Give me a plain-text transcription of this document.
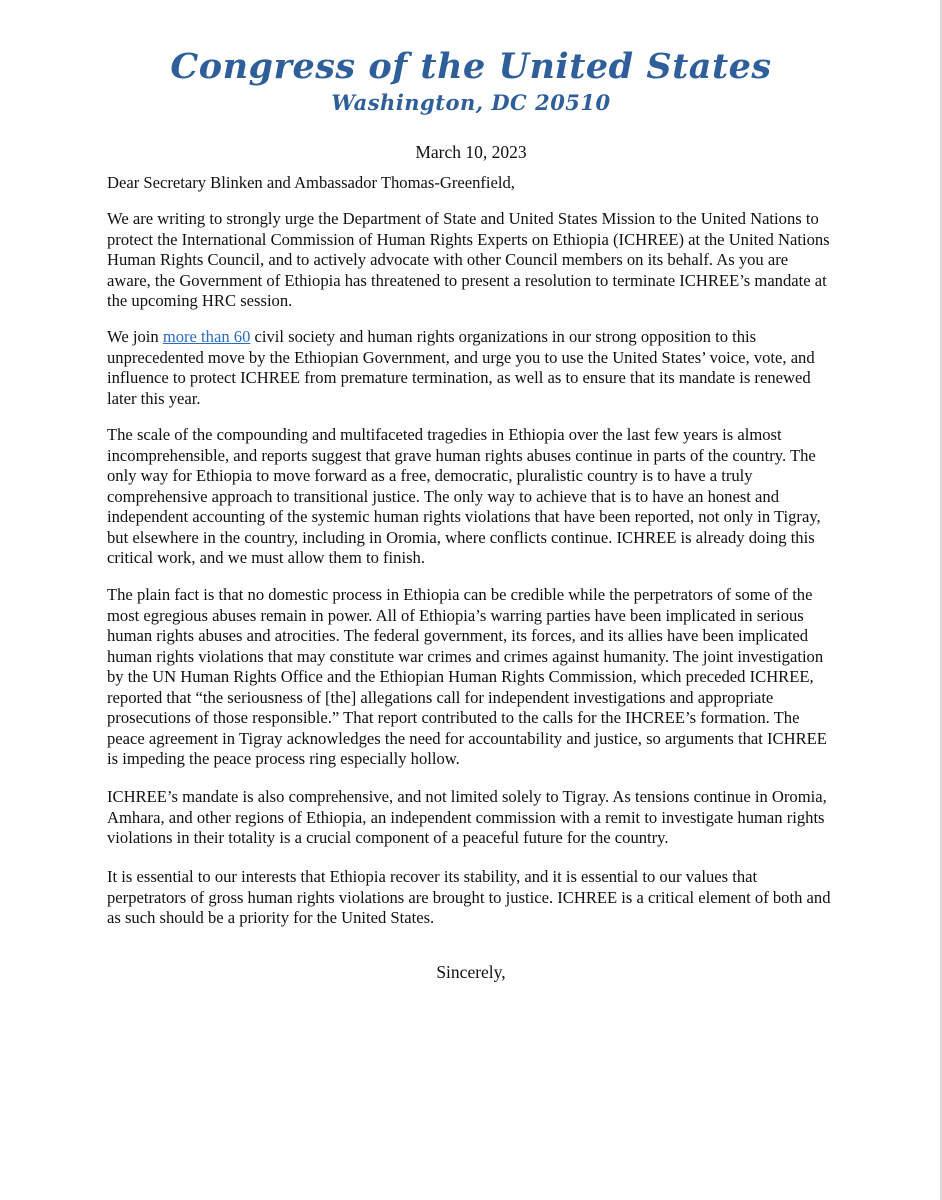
Congress of the United States
Washington, DC 20510
March 10, 2023

Dear Secretary Blinken and Ambassador Thomas-Greenfield,

We are writing to strongly urge the Department of State and United States Mission to the United Nations to protect the International Commission of Human Rights Experts on Ethiopia (ICHREE) at the United Nations Human Rights Council, and to actively advocate with other Council members on its behalf. As you are aware, the Government of Ethiopia has threatened to present a resolution to terminate ICHREE’s mandate at the upcoming HRC session.

We join more than 60 civil society and human rights organizations in our strong opposition to this unprecedented move by the Ethiopian Government, and urge you to use the United States’ voice, vote, and influence to protect ICHREE from premature termination, as well as to ensure that its mandate is renewed later this year.

The scale of the compounding and multifaceted tragedies in Ethiopia over the last few years is almost incomprehensible, and reports suggest that grave human rights abuses continue in parts of the country. The only way for Ethiopia to move forward as a free, democratic, pluralistic country is to have a truly comprehensive approach to transitional justice. The only way to achieve that is to have an honest and independent accounting of the systemic human rights violations that have been reported, not only in Tigray, but elsewhere in the country, including in Oromia, where conflicts continue. ICHREE is already doing this critical work, and we must allow them to finish.

The plain fact is that no domestic process in Ethiopia can be credible while the perpetrators of some of the most egregious abuses remain in power. All of Ethiopia’s warring parties have been implicated in serious human rights abuses and atrocities. The federal government, its forces, and its allies have been implicated human rights violations that may constitute war crimes and crimes against humanity. The joint investigation by the UN Human Rights Office and the Ethiopian Human Rights Commission, which preceded ICHREE, reported that “the seriousness of [the] allegations call for independent investigations and appropriate prosecutions of those responsible.” That report contributed to the calls for the IHCREE’s formation. The peace agreement in Tigray acknowledges the need for accountability and justice, so arguments that ICHREE is impeding the peace process ring especially hollow.

ICHREE’s mandate is also comprehensive, and not limited solely to Tigray. As tensions continue in Oromia, Amhara, and other regions of Ethiopia, an independent commission with a remit to investigate human rights violations in their totality is a crucial component of a peaceful future for the country.

It is essential to our interests that Ethiopia recover its stability, and it is essential to our values that perpetrators of gross human rights violations are brought to justice. ICHREE is a critical element of both and as such should be a priority for the United States.

Sincerely,
